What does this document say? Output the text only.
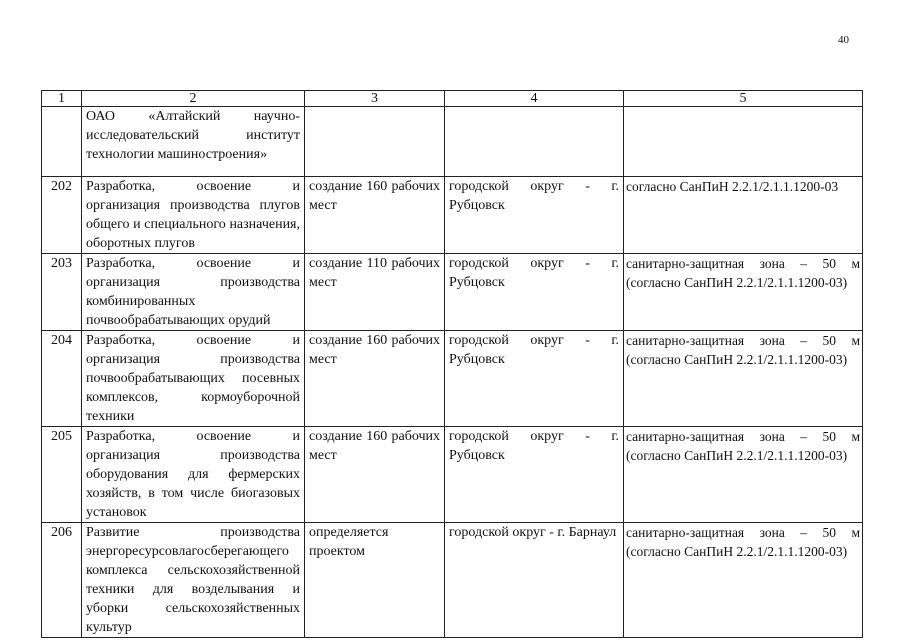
40
1	2	3	4	5
	ОАО «Алтайский научно-исследовательский институт технологии машиностроения»			
202	Разработка, освоение и организация производства плугов общего и специального назначения, оборотных плугов	создание 160 рабочих мест	городской округ - г. Рубцовск	согласно СанПиН 2.2.1/2.1.1.1200-03
203	Разработка, освоение и организация производства комбинированных почвообрабатывающих орудий	создание 110 рабочих мест	городской округ - г. Рубцовск	санитарно-защитная зона – 50 м (согласно СанПиН 2.2.1/2.1.1.1200-03)
204	Разработка, освоение и организация производства почвообрабатывающих посевных комплексов, кормоуборочной техники	создание 160 рабочих мест	городской округ - г. Рубцовск	санитарно-защитная зона – 50 м (согласно СанПиН 2.2.1/2.1.1.1200-03)
205	Разработка, освоение и организация производства оборудования для фермерских хозяйств, в том числе биогазовых установок	создание 160 рабочих мест	городской округ - г. Рубцовск	санитарно-защитная зона – 50 м (согласно СанПиН 2.2.1/2.1.1.1200-03)
206	Развитие производства энергоресурсовлагосберегающего комплекса сельскохозяйственной техники для возделывания и уборки сельскохозяйственных культур	определяется проектом	городской округ - г. Барнаул	санитарно-защитная зона – 50 м (согласно СанПиН 2.2.1/2.1.1.1200-03)
